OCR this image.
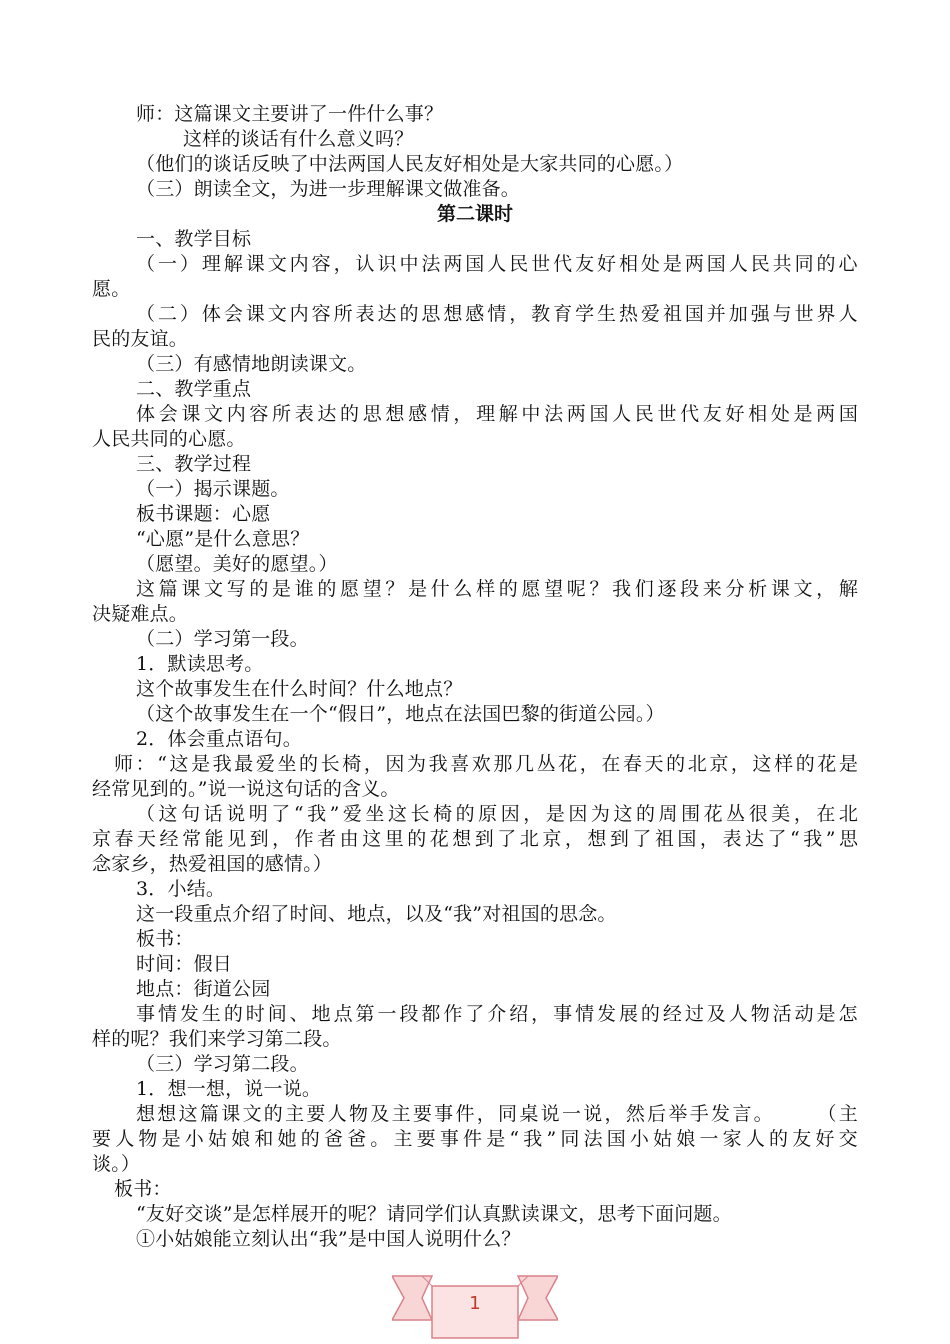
师：这篇课文主要讲了一件什么事？
这样的谈话有什么意义吗？
（他们的谈话反映了中法两国人民友好相处是大家共同的心愿。）
（三）朗读全文，为进一步理解课文做准备。
第二课时
一、教学目标
（ 一 ） 理 解 课 文 内 容 ， 认 识 中 法 两 国 人 民 世 代 友 好 相 处 是 两 国 人 民 共 同 的 心
愿。
（ 二 ） 体 会 课 文 内 容 所 表 达 的 思 想 感 情 ， 教 育 学 生 热 爱 祖 国 并 加 强 与 世 界 人
民的友谊。
（三）有感情地朗读课文。
二、教学重点
体 会 课 文 内 容 所 表 达 的 思 想 感 情 ， 理 解 中 法 两 国 人 民 世 代 友 好 相 处 是 两 国
人民共同的心愿。
三、教学过程
（一）揭示课题。
板书课题：心愿
“心愿”是什么意思？
（愿望。美好的愿望。）
这 篇 课 文 写 的 是 谁 的 愿 望 ？ 是 什 么 样 的 愿 望 呢 ？ 我 们 逐 段 来 分 析 课 文 ， 解
决疑难点。
（二）学习第一段。
1．默读思考。
这个故事发生在什么时间？什么地点？
（这个故事发生在一个“假日”，地点在法国巴黎的街道公园。）
2．体会重点语句。
师 ： “ 这 是 我 最 爱 坐 的 长 椅 ， 因 为 我 喜 欢 那 几 丛 花 ， 在 春 天 的 北 京 ， 这 样 的 花 是
经常见到的。”说一说这句话的含义。
（ 这 句 话 说 明 了 “ 我 ” 爱 坐 这 长 椅 的 原 因 ， 是 因 为 这 的 周 围 花 丛 很 美 ， 在 北
京 春 天 经 常 能 见 到 ， 作 者 由 这 里 的 花 想 到 了 北 京 ， 想 到 了 祖 国 ， 表 达 了 “ 我 ” 思
念家乡，热爱祖国的感情。）
3．小结。
这一段重点介绍了时间、地点，以及“我”对祖国的思念。
板书：
时间：假日
地点：街道公园
事 情 发 生 的 时 间 、 地 点 第 一 段 都 作 了 介 绍 ， 事 情 发 展 的 经 过 及 人 物 活 动 是 怎
样的呢？我们来学习第二段。
（三）学习第二段。
1．想一想，说一说。
想 想 这 篇 课 文 的 主 要 人 物 及 主 要 事 件 ， 同 桌 说 一 说 ， 然 后 举 手 发 言 。

　 （ 主
要 人 物 是 小 姑 娘 和 她 的 爸 爸 。 主 要 事 件 是 “ 我 ” 同 法 国 小 姑 娘 一 家 人 的 友 好 交
谈。）
板书：
“友好交谈”是怎样展开的呢？请同学们认真默读课文，思考下面问题。
①小姑娘能立刻认出“我”是中国人说明什么？
1
